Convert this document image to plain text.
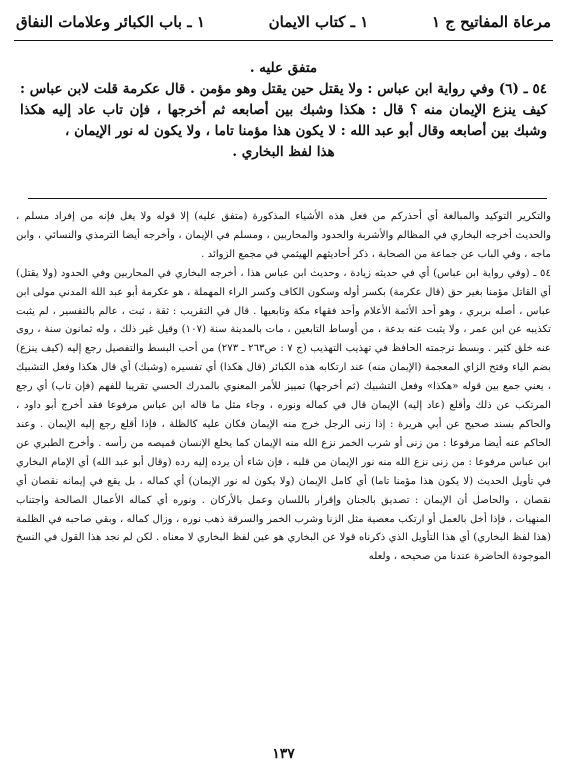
مرعاة المفاتيح ج ١
١ ـ كتاب الايمان
١ ـ باب الكبائر وعلامات النفاق
متفق عليه .

٥٤ ـ (٦) وفي رواية ابن عباس : ولا يقتل حين يقتل وهو مؤمن . قال عكرمة قلت لابن عباس : كيف ينزع الإيمان منه ؟ قال : هكذا وشبك بين أصابعه ثم أخرجها ، فإن تاب عاد إليه هكذا وشبك بين أصابعه وقال أبو عبد الله : لا يكون هذا مؤمنا تاما ، ولا يكون له نور الإيمان ،

هذا لفظ البخاري .

والتكرير التوكيد والمبالغة أي أحذركم من فعل هذه الأشياء المذكورة (متفق عليه) إلا قوله ولا يغل فإنه من إفراد مسلم ، والحديث أخرجه البخاري في المظالم والأشربة والحدود والمحاربين ، ومسلم في الإيمان ، وأخرجه أيضا الترمذي والنسائي ، وابن ماجه ، وفي الباب عن جماعة من الصحابة ، ذكر أحاديثهم الهيثمي في مجمع الزوائد .

٥٤ ـ (وفي رواية ابن عباس) أي في حديثه زيادة ، وحديث ابن عباس هذا ، أخرجه البخاري في المحاربين وفي الحدود (ولا يقتل) أي القاتل مؤمنا بغير حق (قال عكرمة) بكسر أوله وسكون الكاف وكسر الراء المهملة ، هو عكرمة أبو عبد الله المدني مولى ابن عباس ، أصله بربري ، وهو أحد الأئمة الأعلام وأحد فقهاء مكة وتابعيها . قال في التقريب : ثقة ، ثبت ، عالم بالتفسير ، لم يثبت تكذيبه عن ابن عمر ، ولا يثبت عنه بدعة ، من أوساط التابعين ، مات بالمدينة سنة (١٠٧) وقيل غير ذلك ، وله ثمانون سنة ، روى عنه خلق كثير . وبسط ترجمته الحافظ في تهذيب التهذيب (ج ٧ : ص٢٦٣ ـ ٢٧٣) من أحب البسط والتفصيل رجع إليه (كيف ينزع) بضم الياء وفتح الزاي المعجمة (الإيمان منه) عند ارتكابه هذه الكبائر (قال هكذا) أي تفسيره (وشبك) أي قال هكذا وفعل التشبيك ، يعني جمع بين قوله «هكذا» وفعل التشبيك (ثم أخرجها) تمييز للأمر المعنوي بالمدرك الحسي تقريبا للفهم (فإن تاب) أي رجع المرتكب عن ذلك وأقلع (عاد إليه) الإيمان قال في كماله ونوره ، وجاء مثل ما قاله ابن عباس مرفوعا فقد أخرج أبو داود ، والحاكم بسند صحيح عن أبي هريرة : إذا زنى الرجل خرج منه الإيمان فكان عليه كالظلة ، فإذا أقلع رجع إليه الإيمان . وعند الحاكم عنه أيضا مرفوعا : من زنى أو شرب الخمر نزع الله منه الإيمان كما يخلع الإنسان قميصه من رأسه . وأخرج الطبري عن ابن عباس مرفوعا : من زنى نزع الله منه نور الإيمان من قلبه ، فإن شاء أن يرده إليه رده (وقال أبو عبد الله) أي الإمام البخاري في تأويل الحديث (لا يكون هذا مؤمنا تاما) أي كامل الإيمان (ولا يكون له نور الإيمان) أي كماله ، بل يقع في إيمانه نقصان أي نقصان ، والحاصل أن الإيمان : تصديق بالجنان وإقرار باللسان وعمل بالأركان . ونوره أي كماله الأعمال الصالحة واجتناب المنهيات ، فإذا أخل بالعمل أو ارتكب معصية مثل الزنا وشرب الخمر والسرقة ذهب نوره ، وزال كماله ، وبقي صاحبه في الظلمة (هذا لفظ البخاري) أي هذا التأويل الذي ذكرناه قولا عن البخاري هو عين لفظ البخاري لا معناه . لكن لم نجد هذا القول في النسخ الموجودة الحاضرة عندنا من صحيحه ، ولعله

١٣٧
